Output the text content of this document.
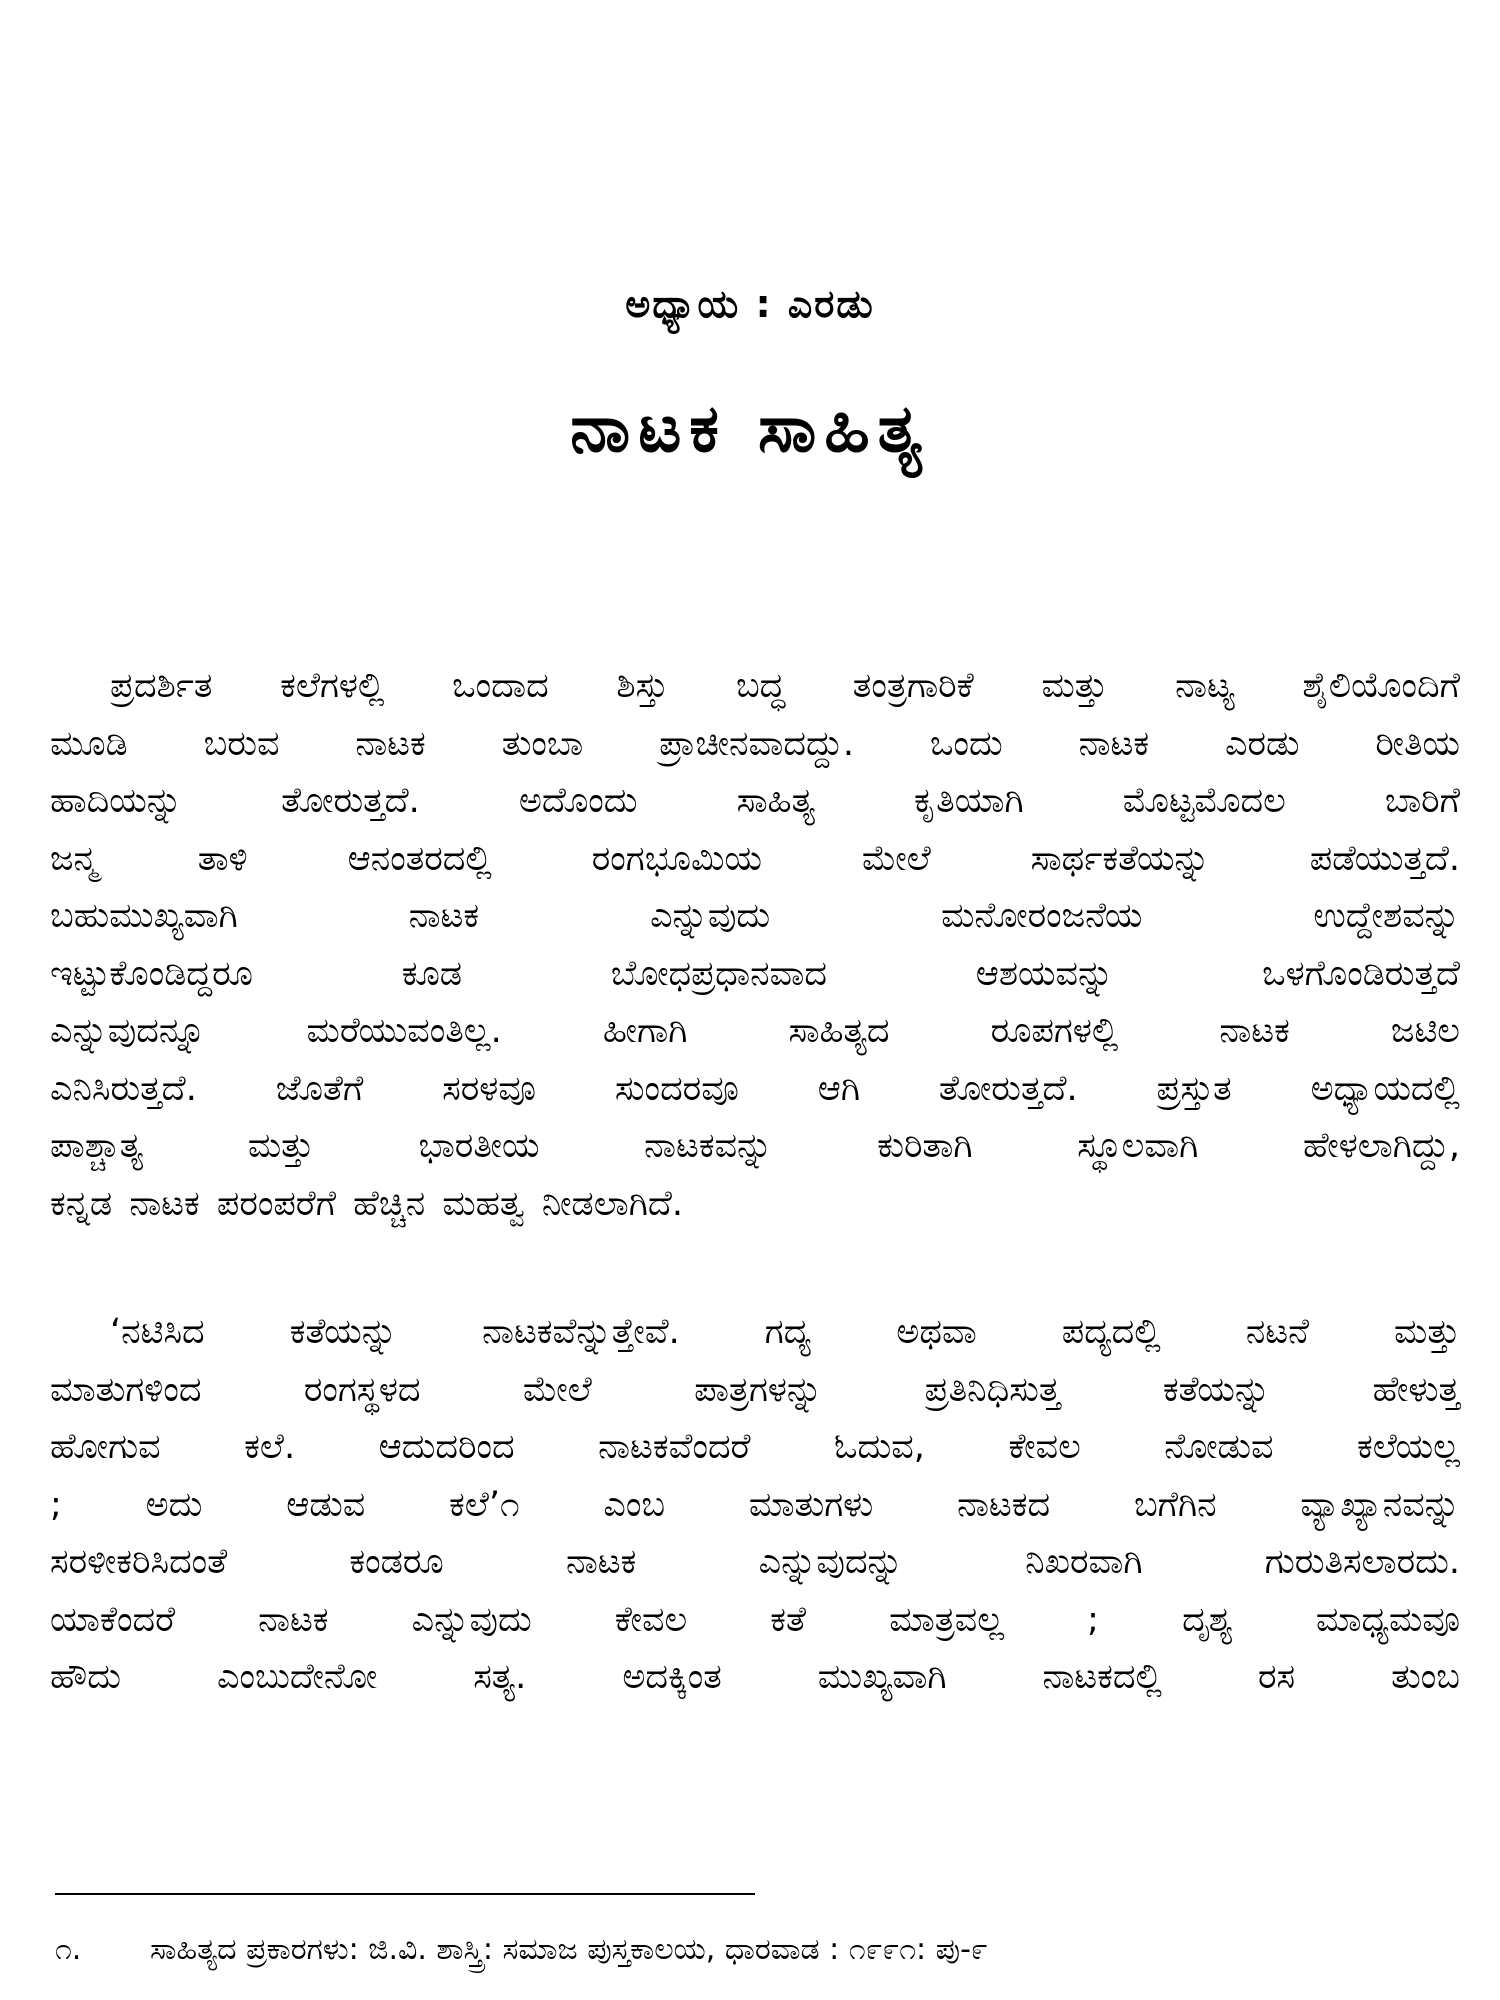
ಅಧ್ಯಾಯ : ಎರಡು
ನಾಟಕ ಸಾಹಿತ್ಯ
ಪ್ರದರ್ಶಿತ ಕಲೆಗಳಲ್ಲಿ ಒಂದಾದ ಶಿಸ್ತು ಬದ್ಧ ತಂತ್ರಗಾರಿಕೆ ಮತ್ತು ನಾಟ್ಯ ಶೈಲಿಯೊಂದಿಗೆ
ಮೂಡಿ ಬರುವ ನಾಟಕ ತುಂಬಾ ಪ್ರಾಚೀನವಾದದ್ದು. ಒಂದು ನಾಟಕ ಎರಡು ರೀತಿಯ
ಹಾದಿಯನ್ನು ತೋರುತ್ತದೆ. ಅದೊಂದು ಸಾಹಿತ್ಯ ಕೃತಿಯಾಗಿ ಮೊಟ್ಟಮೊದಲ ಬಾರಿಗೆ
ಜನ್ಮ ತಾಳಿ ಆನಂತರದಲ್ಲಿ ರಂಗಭೂಮಿಯ ಮೇಲೆ ಸಾರ್ಥಕತೆಯನ್ನು ಪಡೆಯುತ್ತದೆ.
ಬಹುಮುಖ್ಯವಾಗಿ ನಾಟಕ ಎನ್ನುವುದು ಮನೋರಂಜನೆಯ ಉದ್ದೇಶವನ್ನು
ಇಟ್ಟುಕೊಂಡಿದ್ದರೂ ಕೂಡ ಬೋಧಪ್ರಧಾನವಾದ ಆಶಯವನ್ನು ಒಳಗೊಂಡಿರುತ್ತದೆ
ಎನ್ನುವುದನ್ನೂ ಮರೆಯುವಂತಿಲ್ಲ. ಹೀಗಾಗಿ ಸಾಹಿತ್ಯದ ರೂಪಗಳಲ್ಲಿ ನಾಟಕ ಜಟಿಲ
ಎನಿಸಿರುತ್ತದೆ. ಜೊತೆಗೆ ಸರಳವೂ ಸುಂದರವೂ ಆಗಿ ತೋರುತ್ತದೆ. ಪ್ರಸ್ತುತ ಅಧ್ಯಾಯದಲ್ಲಿ
ಪಾಶ್ಚಾತ್ಯ ಮತ್ತು ಭಾರತೀಯ ನಾಟಕವನ್ನು ಕುರಿತಾಗಿ ಸ್ಥೂಲವಾಗಿ ಹೇಳಲಾಗಿದ್ದು,
ಕನ್ನಡ ನಾಟಕ ಪರಂಪರೆಗೆ ಹೆಚ್ಚಿನ ಮಹತ್ವ ನೀಡಲಾಗಿದೆ.
‘ನಟಿಸಿದ ಕತೆಯನ್ನು ನಾಟಕವೆನ್ನುತ್ತೇವೆ. ಗದ್ಯ ಅಥವಾ ಪದ್ಯದಲ್ಲಿ ನಟನೆ ಮತ್ತು
ಮಾತುಗಳಿಂದ ರಂಗಸ್ಥಳದ ಮೇಲೆ ಪಾತ್ರಗಳನ್ನು ಪ್ರತಿನಿಧಿಸುತ್ತ ಕತೆಯನ್ನು ಹೇಳುತ್ತ
ಹೋಗುವ ಕಲೆ. ಆದುದರಿಂದ ನಾಟಕವೆಂದರೆ ಓದುವ, ಕೇವಲ ನೋಡುವ ಕಲೆಯಲ್ಲ
; ಅದು ಆಡುವ ಕಲೆ’೧ ಎಂಬ ಮಾತುಗಳು ನಾಟಕದ ಬಗೆಗಿನ ವ್ಯಾಖ್ಯಾನವನ್ನು
ಸರಳೀಕರಿಸಿದಂತೆ ಕಂಡರೂ ನಾಟಕ ಎನ್ನುವುದನ್ನು ನಿಖರವಾಗಿ ಗುರುತಿಸಲಾರದು.
ಯಾಕೆಂದರೆ ನಾಟಕ ಎನ್ನುವುದು ಕೇವಲ ಕತೆ ಮಾತ್ರವಲ್ಲ ; ದೃಶ್ಯ ಮಾಧ್ಯಮವೂ
ಹೌದು ಎಂಬುದೇನೋ ಸತ್ಯ. ಅದಕ್ಕಿಂತ ಮುಖ್ಯವಾಗಿ ನಾಟಕದಲ್ಲಿ ರಸ ತುಂಬ
೧. ಸಾಹಿತ್ಯದ ಪ್ರಕಾರಗಳು: ಜಿ.ವಿ. ಶಾಸ್ತ್ರಿ: ಸಮಾಜ ಪುಸ್ತಕಾಲಯ, ಧಾರವಾಡ : ೧೯೯೧: ಪು-೯
